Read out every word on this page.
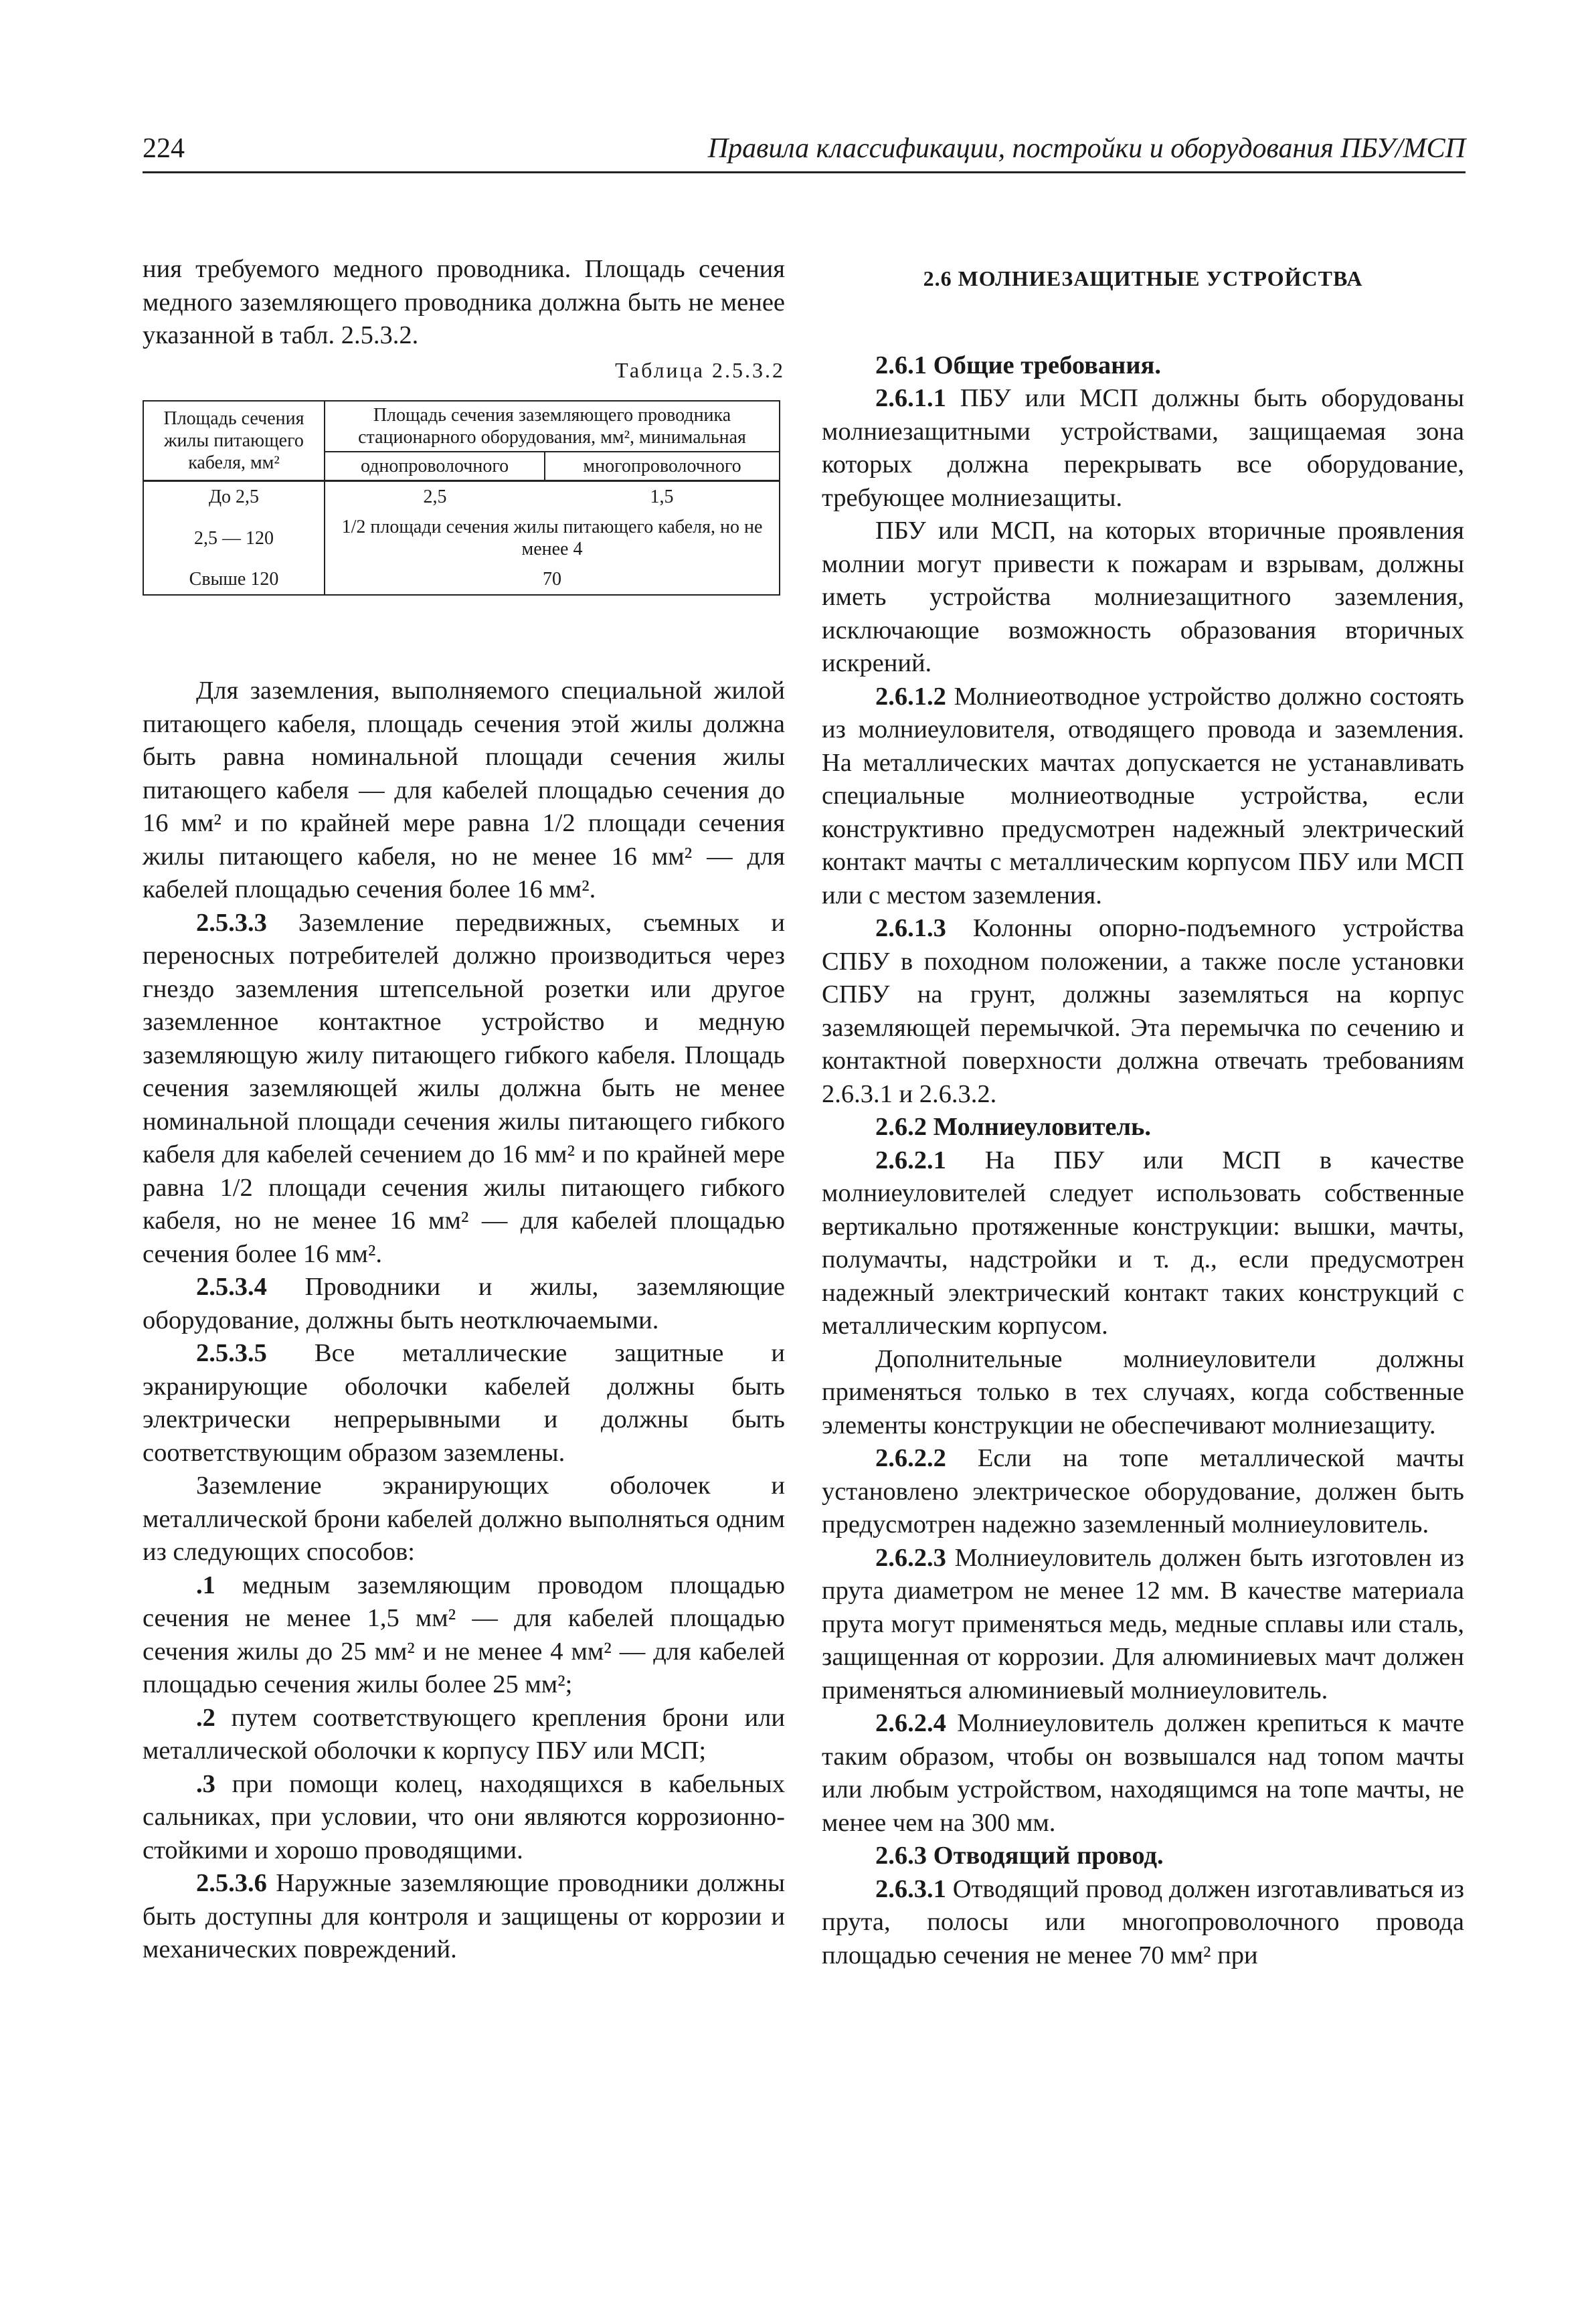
224	Правила классификации, постройки и оборудования ПБУ/МСП

ния требуемого медного проводника. Площадь сечения медного заземляющего проводника должна быть не менее указанной в табл. 2.5.3.2.

Таблица 2.5.3.2
Площадь сечения жилы питающего кабеля, мм²	Площадь сечения заземляющего проводника стационарного оборудования, мм², минимальная	
	однопроволочного	многопроволочного
До 2,5	2,5	1,5
2,5 — 120	1/2 площади сечения жилы питающего кабеля, но не менее 4	
Свыше 120	70	

Для заземления, выполняемого специальной жилой питающего кабеля, площадь сечения этой жилы должна быть равна номинальной площади сечения жилы питающего кабеля — для кабелей площадью сечения до 16 мм² и по крайней мере равна 1/2 площади сечения жилы питающего кабеля, но не менее 16 мм² — для кабелей площадью сечения более 16 мм².

2.5.3.3 Заземление передвижных, съемных и переносных потребителей должно производиться через гнездо заземления штепсельной розетки или другое заземленное контактное устройство и медную заземляющую жилу питающего гибкого кабеля. Площадь сечения заземляющей жилы должна быть не менее номинальной площади сечения жилы питающего гибкого кабеля для кабелей сечением до 16 мм² и по крайней мере равна 1/2 площади сечения жилы питающего гибкого кабеля, но не менее 16 мм² — для кабелей площадью сечения более 16 мм².

2.5.3.4 Проводники и жилы, заземляющие оборудование, должны быть неотключаемыми.

2.5.3.5 Все металлические защитные и экранирующие оболочки кабелей должны быть электрически непрерывными и должны быть соответствующим образом заземлены.

Заземление экранирующих оболочек и металлической брони кабелей должно выполняться одним из следующих способов:

.1 медным заземляющим проводом площадью сечения не менее 1,5 мм² — для кабелей площадью сечения жилы до 25 мм² и не менее 4 мм² — для кабелей площадью сечения жилы более 25 мм²;

.2 путем соответствующего крепления брони или металлической оболочки к корпусу ПБУ или МСП;

.3 при помощи колец, находящихся в кабельных сальниках, при условии, что они являются коррозионно-стойкими и хорошо проводящими.

2.5.3.6 Наружные заземляющие проводники должны быть доступны для контроля и защищены от коррозии и механических повреждений.

2.6 МОЛНИЕЗАЩИТНЫЕ УСТРОЙСТВА

2.6.1 Общие требования.

2.6.1.1 ПБУ или МСП должны быть оборудованы молниезащитными устройствами, защищаемая зона которых должна перекрывать все оборудование, требующее молниезащиты.

ПБУ или МСП, на которых вторичные проявления молнии могут привести к пожарам и взрывам, должны иметь устройства молниезащитного заземления, исключающие возможность образования вторичных искрений.

2.6.1.2 Молниеотводное устройство должно состоять из молниеуловителя, отводящего провода и заземления. На металлических мачтах допускается не устанавливать специальные молниеотводные устройства, если конструктивно предусмотрен надежный электрический контакт мачты с металлическим корпусом ПБУ или МСП или с местом заземления.

2.6.1.3 Колонны опорно-подъемного устройства СПБУ в походном положении, а также после установки СПБУ на грунт, должны заземляться на корпус заземляющей перемычкой. Эта перемычка по сечению и контактной поверхности должна отвечать требованиям 2.6.3.1 и 2.6.3.2.

2.6.2 Молниеуловитель.

2.6.2.1 На ПБУ или МСП в качестве молниеуловителей следует использовать собственные вертикально протяженные конструкции: вышки, мачты, полумачты, надстройки и т. д., если предусмотрен надежный электрический контакт таких конструкций с металлическим корпусом.

Дополнительные молниеуловители должны применяться только в тех случаях, когда собственные элементы конструкции не обеспечивают молниезащиту.

2.6.2.2 Если на топе металлической мачты установлено электрическое оборудование, должен быть предусмотрен надежно заземленный молниеуловитель.

2.6.2.3 Молниеуловитель должен быть изготовлен из прута диаметром не менее 12 мм. В качестве материала прута могут применяться медь, медные сплавы или сталь, защищенная от коррозии. Для алюминиевых мачт должен применяться алюминиевый молниеуловитель.

2.6.2.4 Молниеуловитель должен крепиться к мачте таким образом, чтобы он возвышался над топом мачты или любым устройством, находящимся на топе мачты, не менее чем на 300 мм.

2.6.3 Отводящий провод.

2.6.3.1 Отводящий провод должен изготавливаться из прута, полосы или многопроволочного провода площадью сечения не менее 70 мм² при
